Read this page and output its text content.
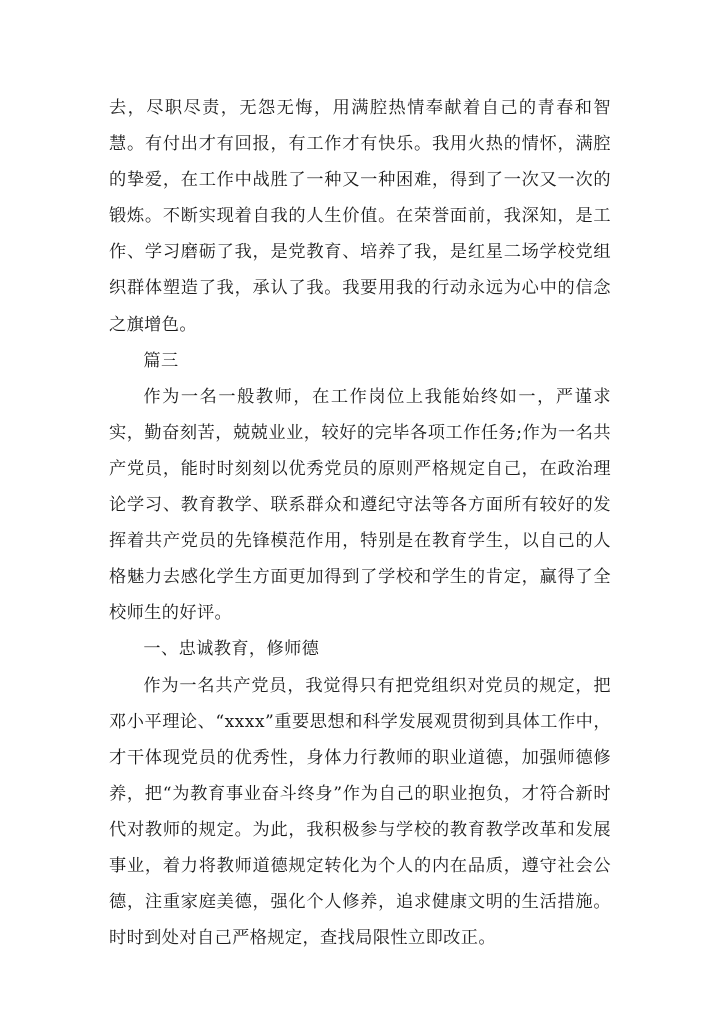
去，尽职尽责，无怨无悔，用满腔热情奉献着自己的青春和智慧。有付出才有回报，有工作才有快乐。我用火热的情怀，满腔的挚爱，在工作中战胜了一种又一种困难，得到了一次又一次的锻炼。不断实现着自我的人生价值。在荣誉面前，我深知，是工作、学习磨砺了我，是党教育、培养了我，是红星二场学校党组织群体塑造了我，承认了我。我要用我的行动永远为心中的信念之旗增色。

篇三

作为一名一般教师，在工作岗位上我能始终如一，严谨求实，勤奋刻苦，兢兢业业，较好的完毕各项工作任务;作为一名共产党员，能时时刻刻以优秀党员的原则严格规定自己，在政治理论学习、教育教学、联系群众和遵纪守法等各方面所有较好的发挥着共产党员的先锋模范作用，特别是在教育学生，以自己的人格魅力去感化学生方面更加得到了学校和学生的肯定，赢得了全校师生的好评。

一、忠诚教育，修师德

作为一名共产党员，我觉得只有把党组织对党员的规定，把邓小平理论、“xxxx”重要思想和科学发展观贯彻到具体工作中，才干体现党员的优秀性，身体力行教师的职业道德，加强师德修养，把“为教育事业奋斗终身”作为自己的职业抱负，才符合新时代对教师的规定。为此，我积极参与学校的教育教学改革和发展事业，着力将教师道德规定转化为个人的内在品质，遵守社会公德，注重家庭美德，强化个人修养，追求健康文明的生活措施。时时到处对自己严格规定，查找局限性立即改正。
